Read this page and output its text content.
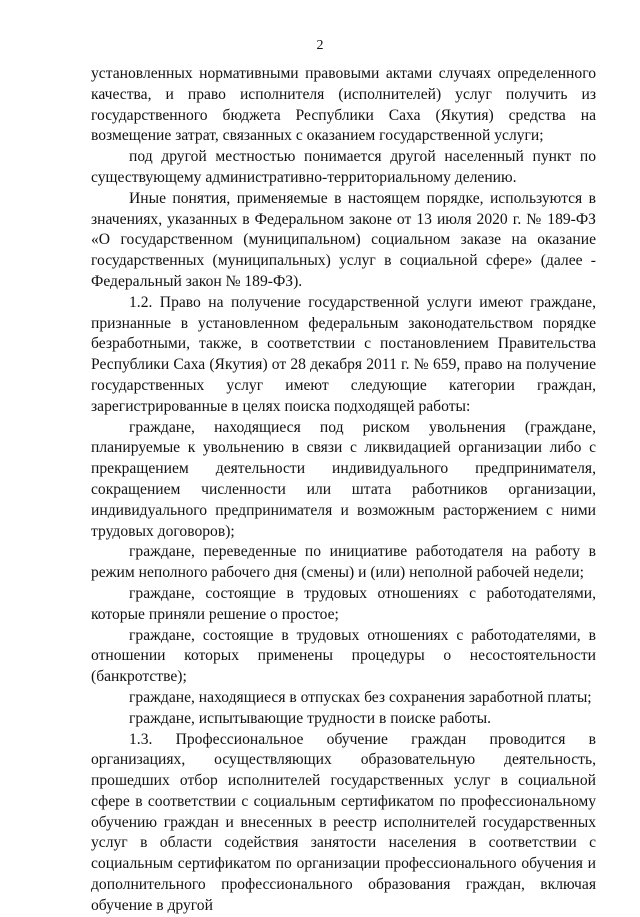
2

установленных нормативными правовыми актами случаях определенного качества, и право исполнителя (исполнителей) услуг получить из государственного бюджета Республики Саха (Якутия) средства на возмещение затрат, связанных с оказанием государственной услуги;

под другой местностью понимается другой населенный пункт по существующему административно-территориальному делению.

Иные понятия, применяемые в настоящем порядке, используются в значениях, указанных в Федеральном законе от 13 июля 2020 г. № 189-ФЗ «О государственном (муниципальном) социальном заказе на оказание государственных (муниципальных) услуг в социальной сфере» (далее - Федеральный закон № 189-ФЗ).

1.2. Право на получение государственной услуги имеют граждане, признанные в установленном федеральным законодательством порядке безработными, также, в соответствии с постановлением Правительства Республики Саха (Якутия) от 28 декабря 2011 г. № 659, право на получение государственных услуг имеют следующие категории граждан, зарегистрированные в целях поиска подходящей работы:

граждане, находящиеся под риском увольнения (граждане, планируемые к увольнению в связи с ликвидацией организации либо с прекращением деятельности индивидуального предпринимателя, сокращением численности или штата работников организации, индивидуального предпринимателя и возможным расторжением с ними трудовых договоров);

граждане, переведенные по инициативе работодателя на работу в режим неполного рабочего дня (смены) и (или) неполной рабочей недели;

граждане, состоящие в трудовых отношениях с работодателями, которые приняли решение о простое;

граждане, состоящие в трудовых отношениях с работодателями, в отношении которых применены процедуры о несостоятельности (банкротстве);

граждане, находящиеся в отпусках без сохранения заработной платы;

граждане, испытывающие трудности в поиске работы.

1.3. Профессиональное обучение граждан проводится в организациях, осуществляющих образовательную деятельность, прошедших отбор исполнителей государственных услуг в социальной сфере в соответствии с социальным сертификатом по профессиональному обучению граждан и внесенных в реестр исполнителей государственных услуг в области содействия занятости населения в соответствии с социальным сертификатом по организации профессионального обучения и дополнительного профессионального образования граждан, включая обучение в другой
